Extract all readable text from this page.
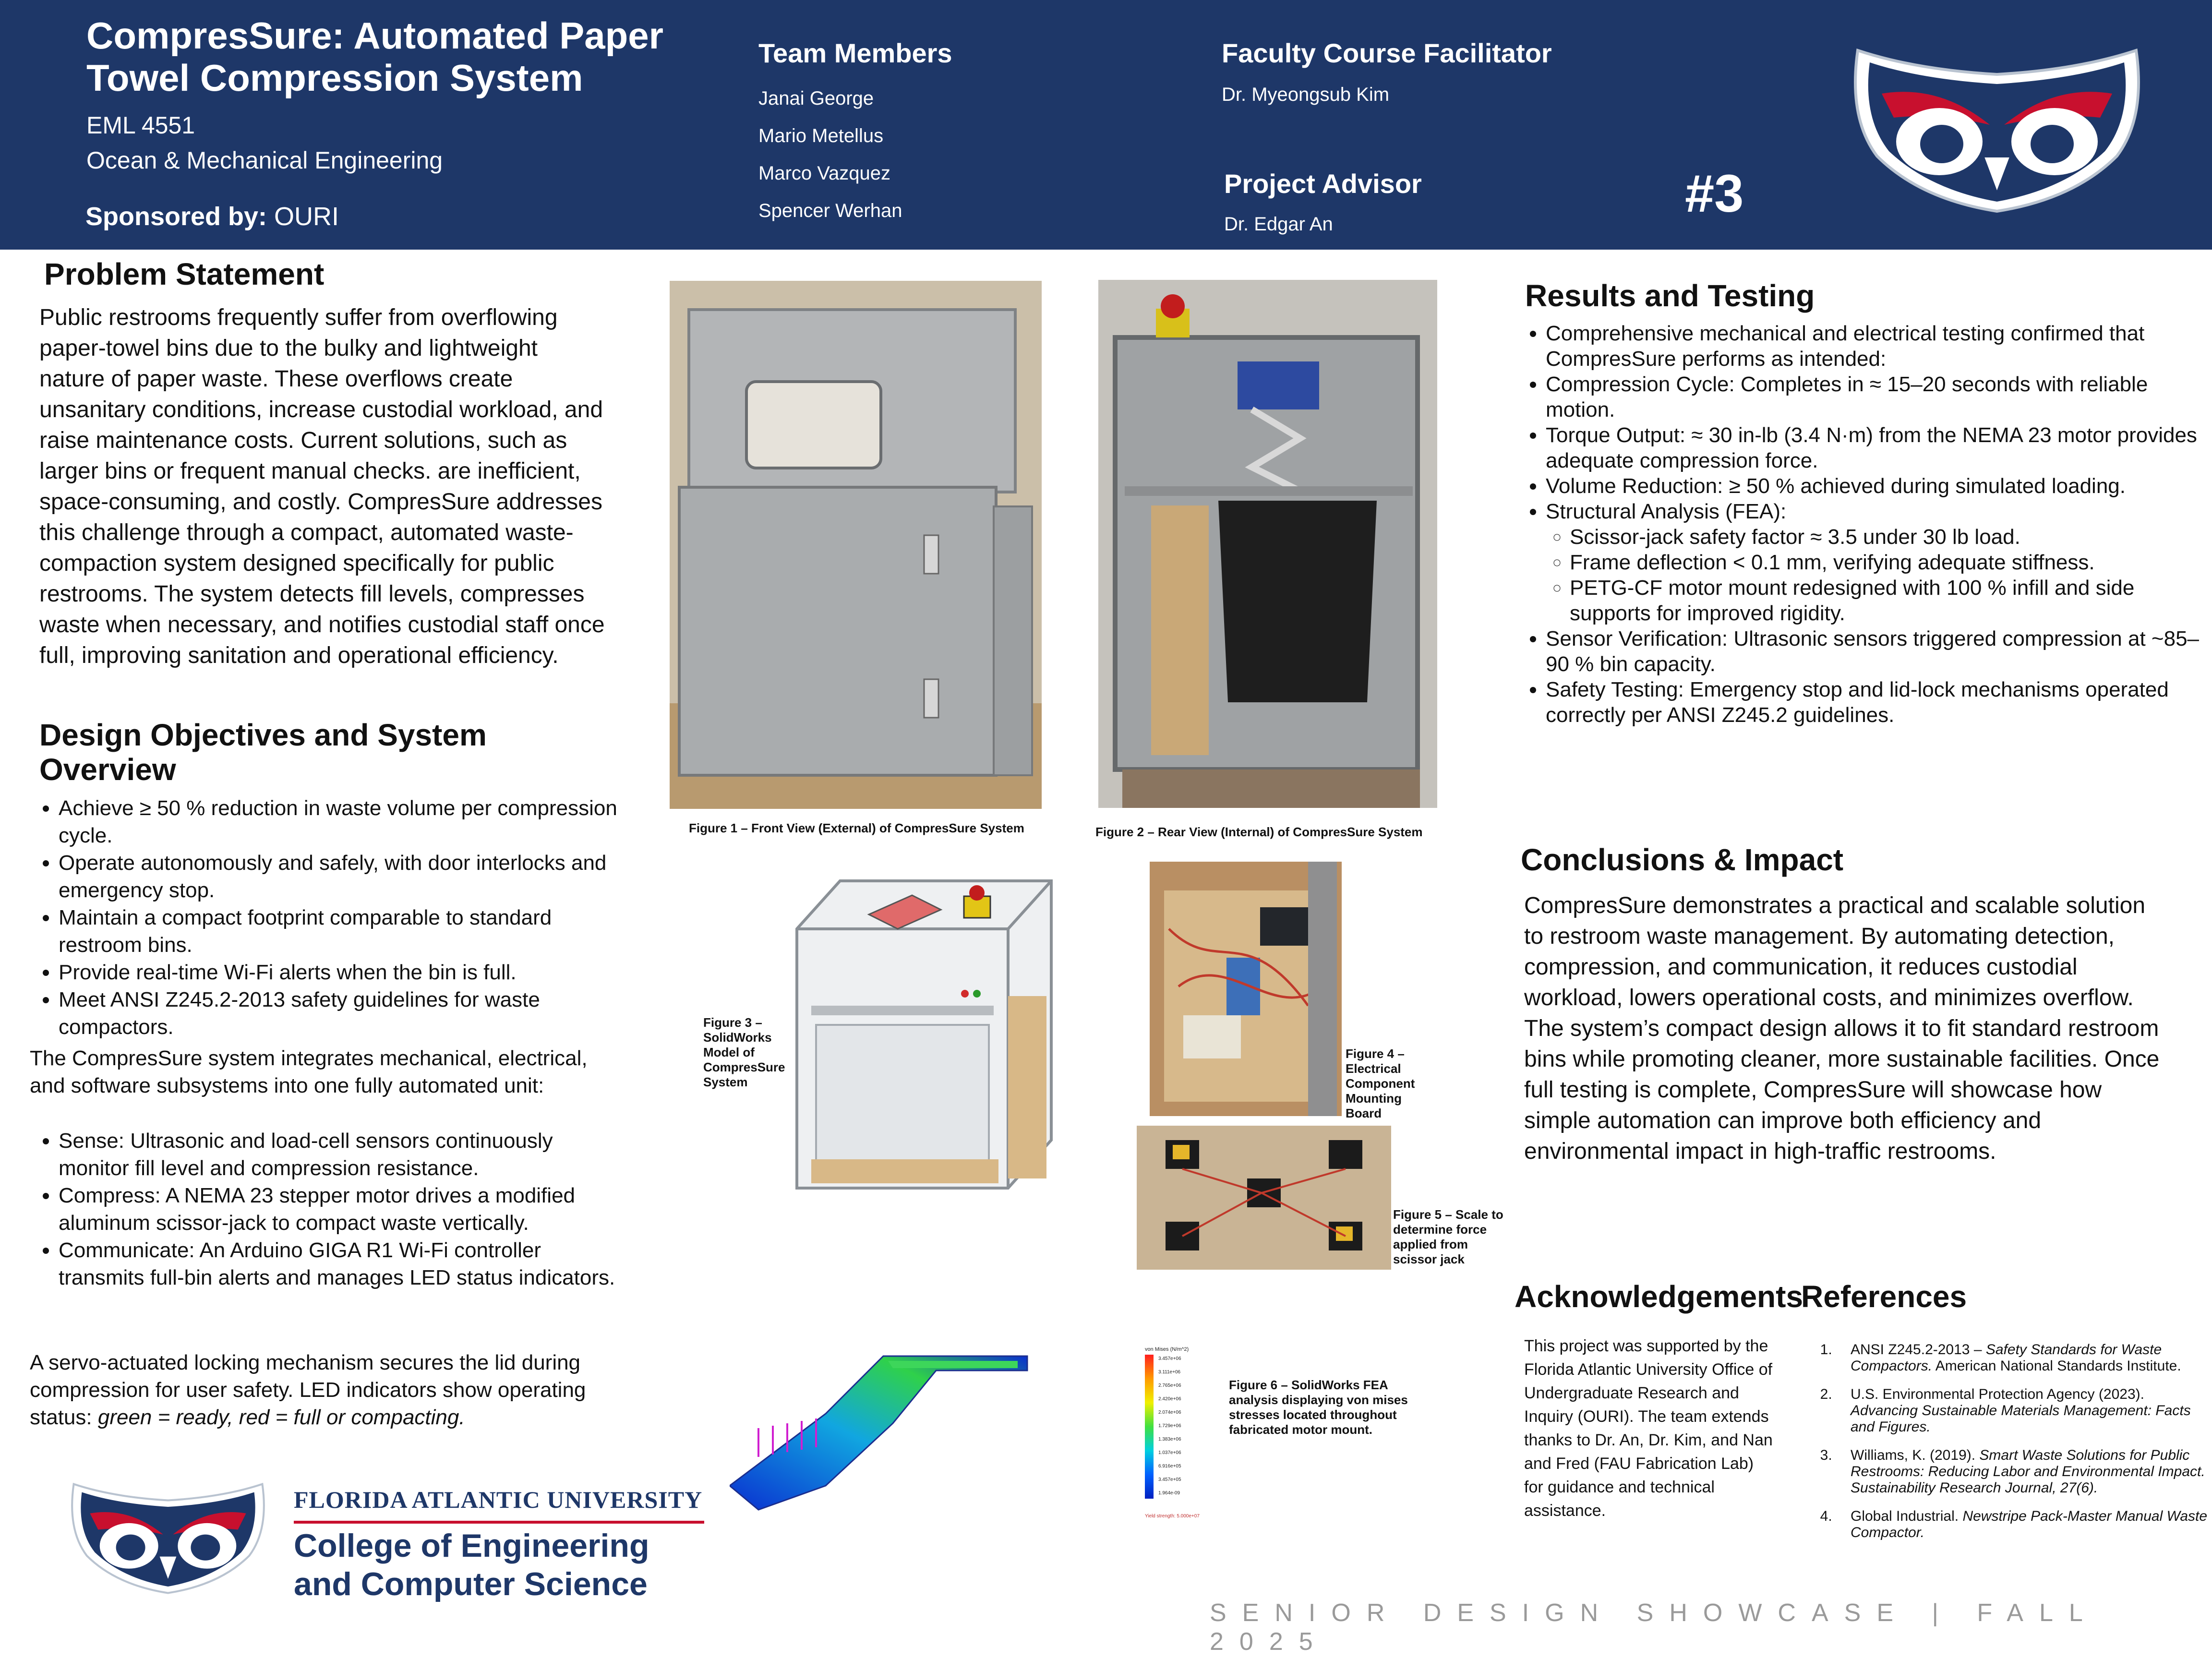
CompresSure: Automated Paper Towel Compression System
EML 4551
Ocean & Mechanical Engineering
Sponsored by: OURI
Team Members
Janai George
Mario Metellus
Marco Vazquez
Spencer Werhan
Faculty Course Facilitator
Dr. Myeongsub Kim
Project Advisor
Dr. Edgar An
#3
Problem Statement
Public restrooms frequently suffer from overflowing paper-towel bins due to the bulky and lightweight nature of paper waste. These overflows create unsanitary conditions, increase custodial workload, and raise maintenance costs. Current solutions, such as larger bins or frequent manual checks. are inefficient, space-consuming, and costly. CompresSure addresses this challenge through a compact, automated waste-compaction system designed specifically for public restrooms. The system detects fill levels, compresses waste when necessary, and notifies custodial staff once full, improving sanitation and operational efficiency.
Design Objectives and System Overview
• Achieve ≥ 50 % reduction in waste volume per compression cycle.
• Operate autonomously and safely, with door interlocks and emergency stop.
• Maintain a compact footprint comparable to standard restroom bins.
• Provide real-time Wi-Fi alerts when the bin is full.
• Meet ANSI Z245.2-2013 safety guidelines for waste compactors.
The CompresSure system integrates mechanical, electrical, and software subsystems into one fully automated unit:
• Sense: Ultrasonic and load-cell sensors continuously monitor fill level and compression resistance.
• Compress: A NEMA 23 stepper motor drives a modified aluminum scissor-jack to compact waste vertically.
• Communicate: An Arduino GIGA R1 Wi-Fi controller transmits full-bin alerts and manages LED status indicators.
A servo-actuated locking mechanism secures the lid during compression for user safety. LED indicators show operating status: green = ready, red = full or compacting.
FLORIDA ATLANTIC UNIVERSITY
College of Engineering
and Computer Science
Figure 1 – Front View (External) of CompresSure System	Figure 2 – Rear View (Internal) of CompresSure System
Figure 3 – SolidWorks Model of CompresSure System
Figure 4 – Electrical Component Mounting Board
Figure 5 – Scale to determine force applied from scissor jack
von Mises (N/m^2)
3.457e+06
3.111e+06
2.765e+06
2.420e+06
2.074e+06
1.729e+06
1.383e+06
1.037e+06
6.916e+05
3.457e+05
1.964e-09
Yield strength: 5.000e+07
Figure 6 – SolidWorks FEA analysis displaying von mises stresses located throughout fabricated motor mount.
Results and Testing
• Comprehensive mechanical and electrical testing confirmed that CompresSure performs as intended:
• Compression Cycle: Completes in ≈ 15–20 seconds with reliable motion.
• Torque Output: ≈ 30 in-lb (3.4 N·m) from the NEMA 23 motor provides adequate compression force.
• Volume Reduction: ≥ 50 % achieved during simulated loading.
• Structural Analysis (FEA):
◦ Scissor-jack safety factor ≈ 3.5 under 30 lb load.
◦ Frame deflection < 0.1 mm, verifying adequate stiffness.
◦ PETG-CF motor mount redesigned with 100 % infill and side supports for improved rigidity.
• Sensor Verification: Ultrasonic sensors triggered compression at ~85–90 % bin capacity.
• Safety Testing: Emergency stop and lid-lock mechanisms operated correctly per ANSI Z245.2 guidelines.
Conclusions & Impact
CompresSure demonstrates a practical and scalable solution to restroom waste management. By automating detection, compression, and communication, it reduces custodial workload, lowers operational costs, and minimizes overflow. The system’s compact design allows it to fit standard restroom bins while promoting cleaner, more sustainable facilities. Once full testing is complete, CompresSure will showcase how simple automation can improve both efficiency and environmental impact in high-traffic restrooms.
Acknowledgements
This project was supported by the Florida Atlantic University Office of Undergraduate Research and Inquiry (OURI). The team extends thanks to Dr. An, Dr. Kim, and Nan and Fred (FAU Fabrication Lab) for guidance and technical assistance.
References
1. ANSI Z245.2-2013 – Safety Standards for Waste Compactors. American National Standards Institute.
2. U.S. Environmental Protection Agency (2023). Advancing Sustainable Materials Management: Facts and Figures.
3. Williams, K. (2019). Smart Waste Solutions for Public Restrooms: Reducing Labor and Environmental Impact. Sustainability Research Journal, 27(6).
4. Global Industrial. Newstripe Pack-Master Manual Waste Compactor.
SENIOR DESIGN SHOWCASE | FALL 2025
